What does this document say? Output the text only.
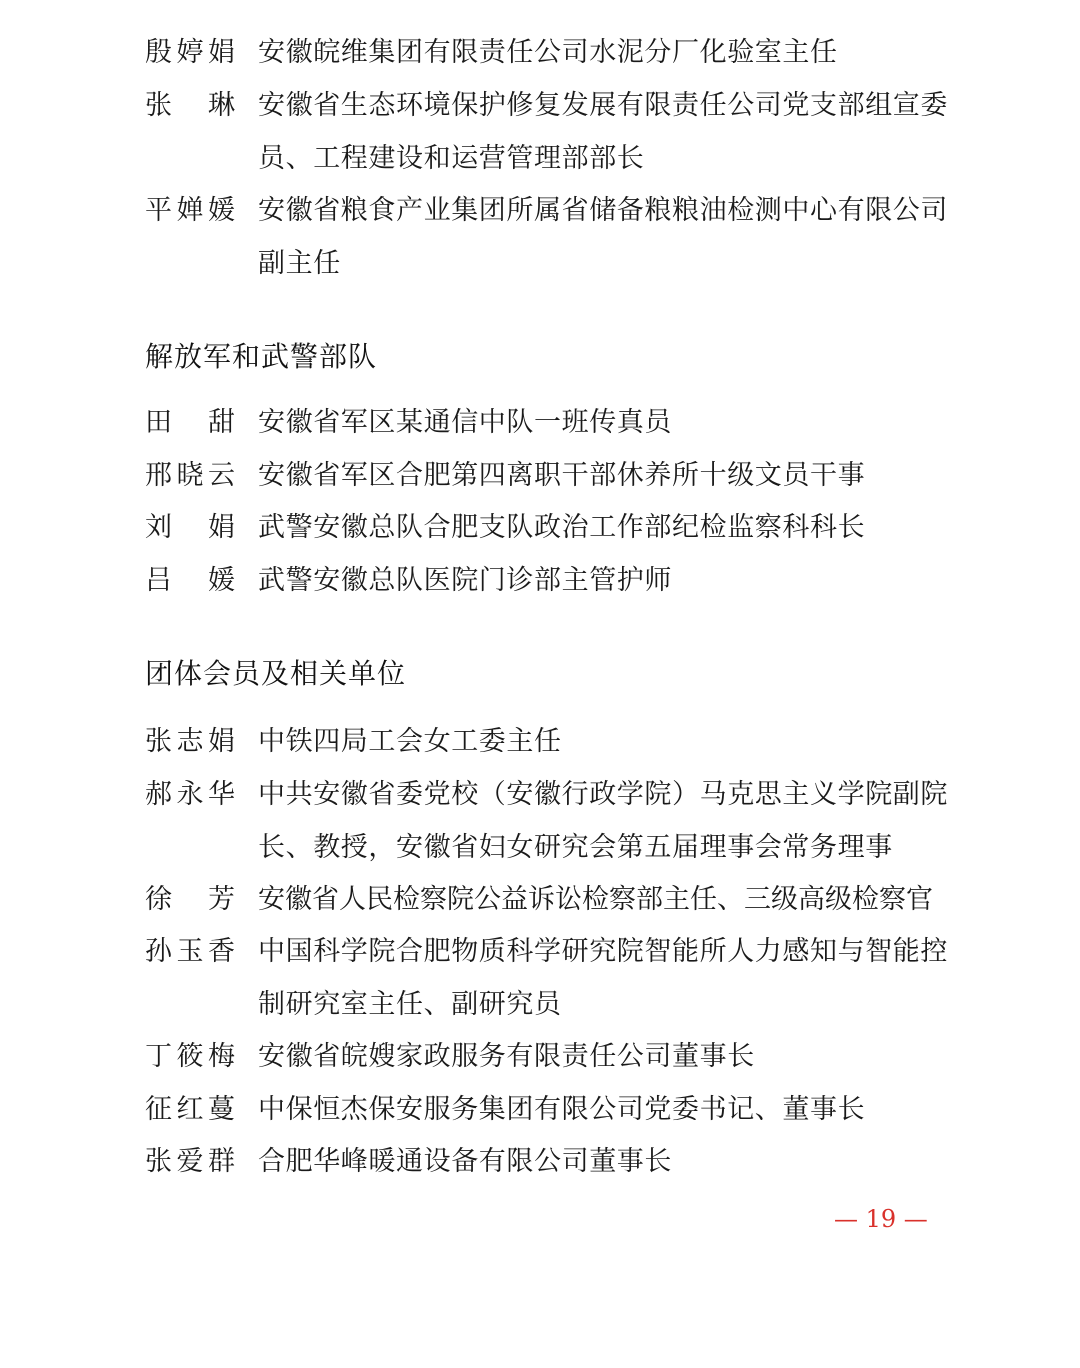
殷 婷 娟 安徽皖维集团有限责任公司水泥分厂化验室主任
张 琳 安徽省生态环境保护修复发展有限责任公司党支部组宣委员、工程建设和运营管理部部长
平 婵 媛 安徽省粮食产业集团所属省储备粮粮油检测中心有限公司副主任
解放军和武警部队
田 甜 安徽省军区某通信中队一班传真员
邢 晓 云 安徽省军区合肥第四离职干部休养所十级文员干事
刘 娟 武警安徽总队合肥支队政治工作部纪检监察科科长
吕 媛 武警安徽总队医院门诊部主管护师
团体会员及相关单位
张 志 娟 中铁四局工会女工委主任
郝 永 华 中共安徽省委党校（安徽行政学院）马克思主义学院副院长、教授，安徽省妇女研究会第五届理事会常务理事
徐 芳 安徽省人民检察院公益诉讼检察部主任、三级高级检察官
孙 玉 香 中国科学院合肥物质科学研究院智能所人力感知与智能控制研究室主任、副研究员
丁 筱 梅 安徽省皖嫂家政服务有限责任公司董事长
征 红 蔓 中保恒杰保安服务集团有限公司党委书记、董事长
张 爱 群 合肥华峰暖通设备有限公司董事长
— 19 —
